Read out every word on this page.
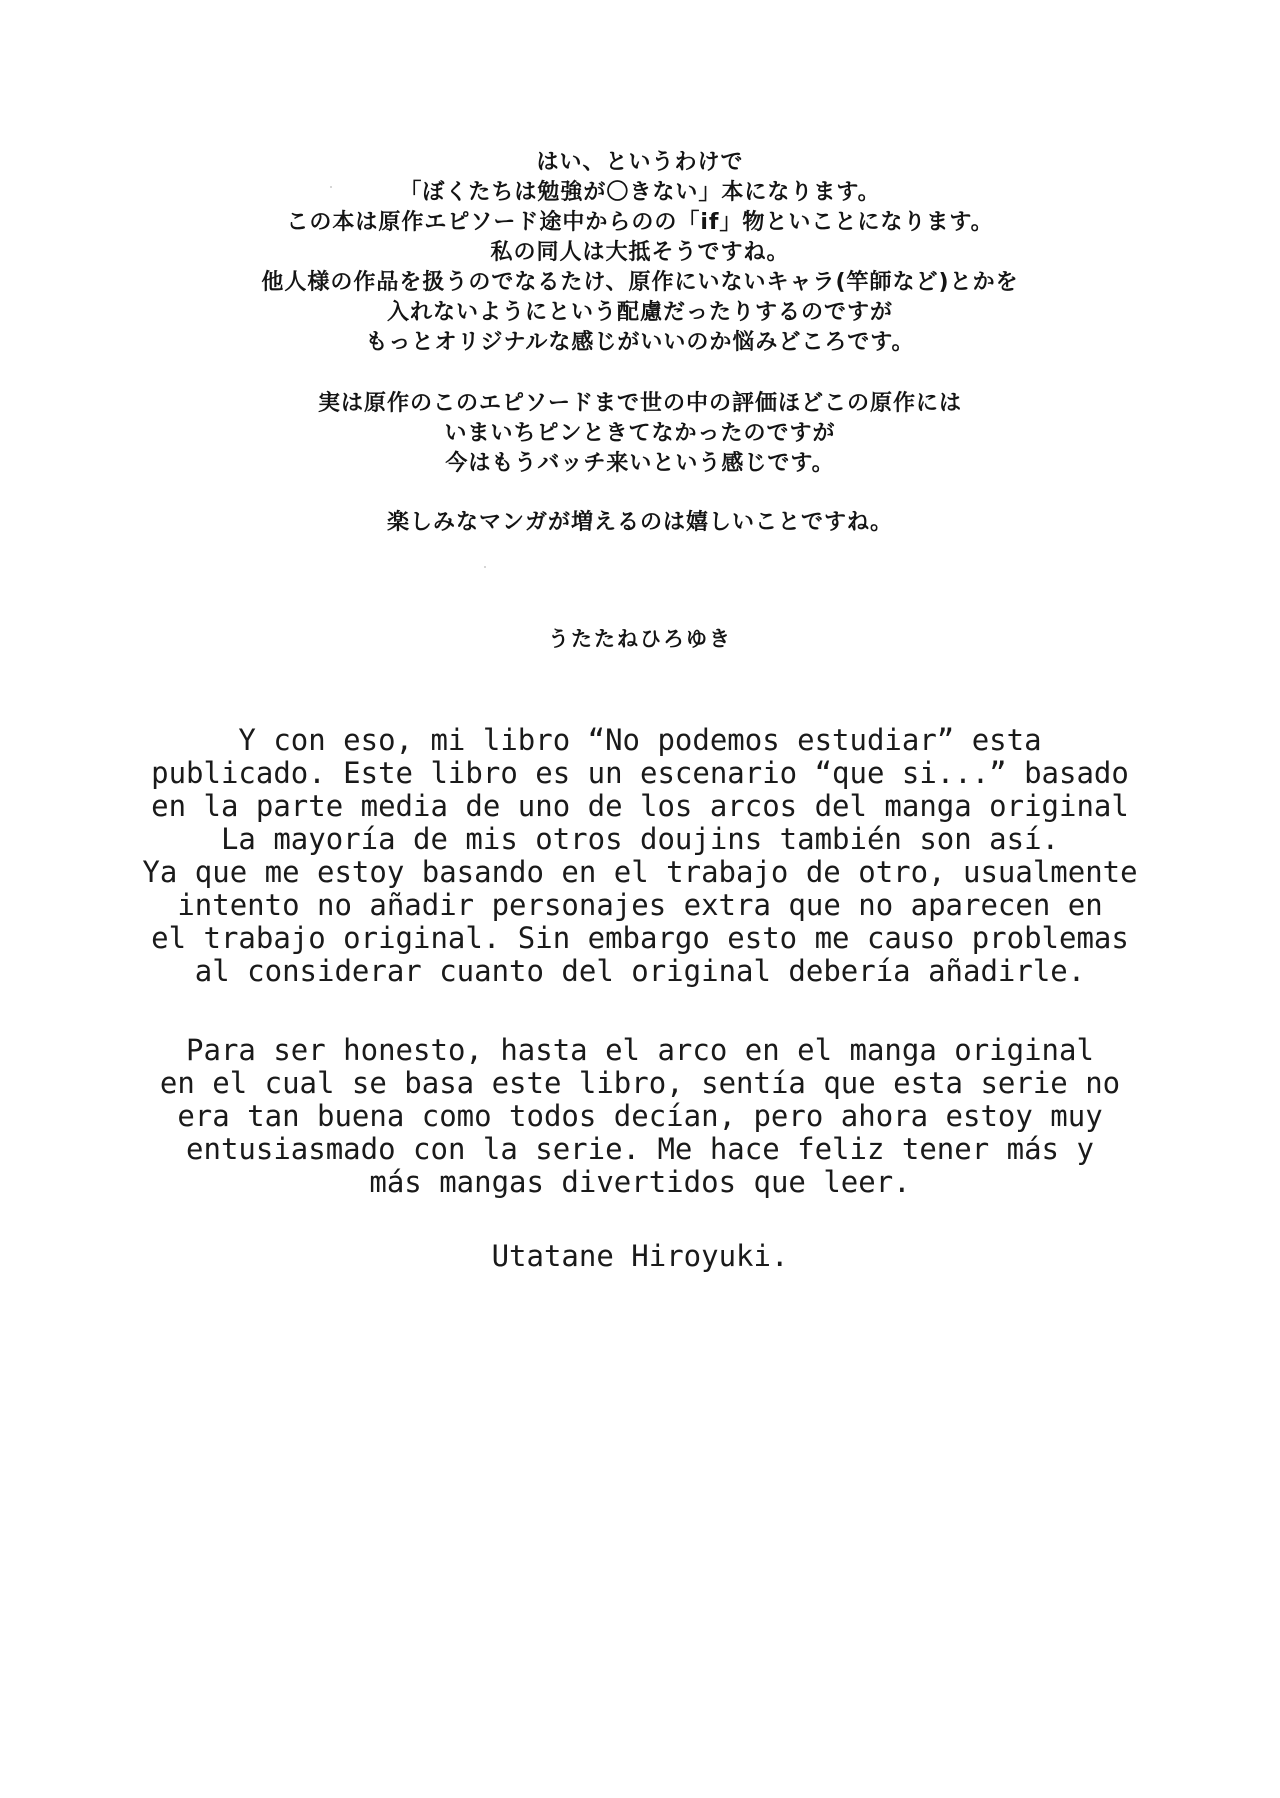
はい、というわけで
「ぼくたちは勉強が〇きない」本になります。
この本は原作エピソード途中からのの「if」物といことになります。
私の同人は大抵そうですね。
他人様の作品を扱うのでなるたけ、原作にいないキャラ(竿師など)とかを
入れないようにという配慮だったりするのですが
もっとオリジナルな感じがいいのか悩みどころです。
実は原作のこのエピソードまで世の中の評価ほどこの原作には
いまいちピンときてなかったのですが
今はもうバッチ来いという感じです。
楽しみなマンガが増えるのは嬉しいことですね。
うたたねひろゆき
Y con eso, mi libro “No podemos estudiar” esta
publicado. Este libro es un escenario “que si...” basado
en la parte media de uno de los arcos del manga original
La mayoría de mis otros doujins también son así.
Ya que me estoy basando en el trabajo de otro, usualmente
intento no añadir personajes extra que no aparecen en
el trabajo original. Sin embargo esto me causo problemas
al considerar cuanto del original debería añadirle.
Para ser honesto, hasta el arco en el manga original
en el cual se basa este libro, sentía que esta serie no
era tan buena como todos decían, pero ahora estoy muy
entusiasmado con la serie. Me hace feliz tener más y
más mangas divertidos que leer.
Utatane Hiroyuki.
